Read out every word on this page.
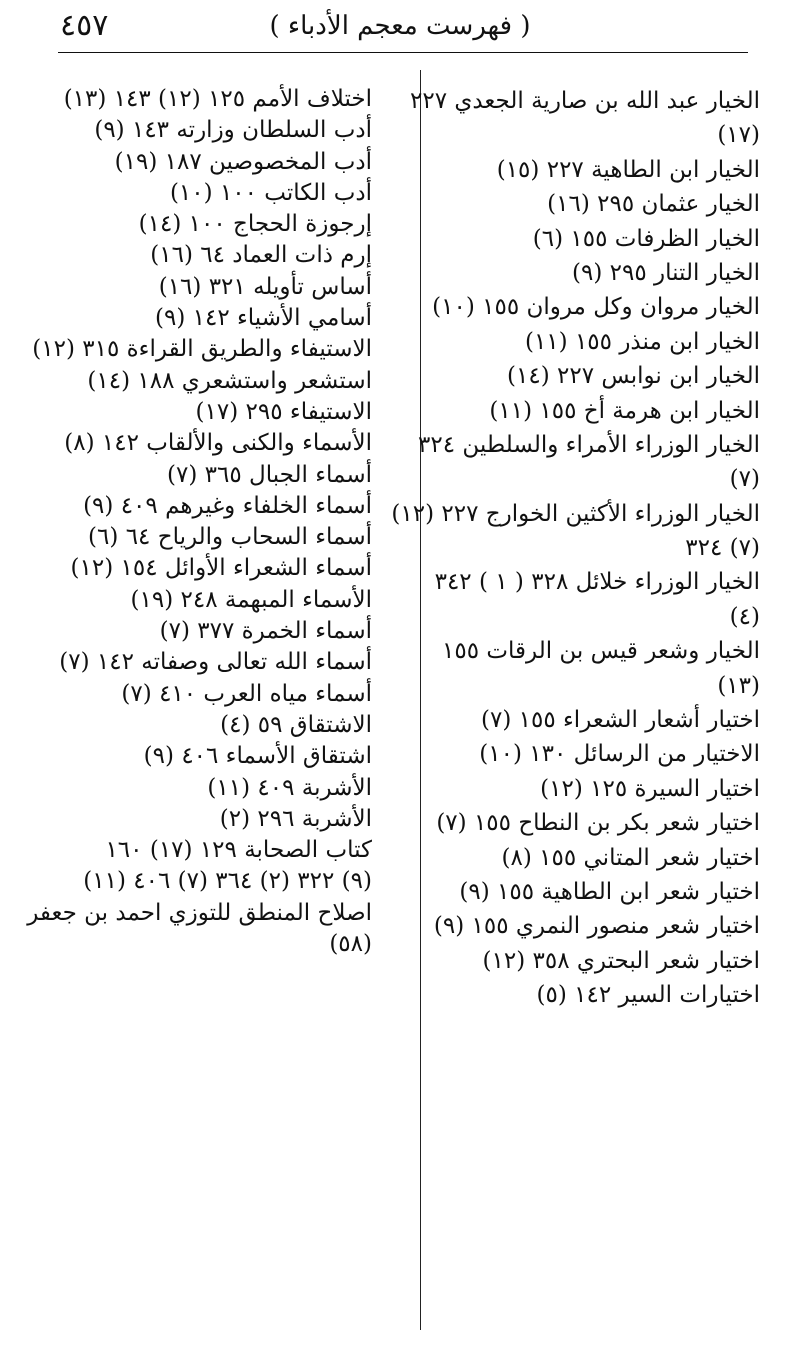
٤٥٧	( فهرست معجم الأدباء )
الخيار عبد الله بن صارية الجعدي ٢٢٧
(١٧)
الخيار ابن الطاهية ٢٢٧ (١٥)
الخيار عثمان ٢٩٥ (١٦)
الخيار الظرفات ١٥٥ (٦)
الخيار التنار ٢٩٥ (٩)
الخيار مروان وكل مروان ١٥٥ (١٠)
الخيار ابن منذر ١٥٥ (١١)
الخيار ابن نوابس ٢٢٧ (١٤)
الخيار ابن هرمة أخ ١٥٥ (١١)
الخيار الوزراء الأمراء والسلطين ٣٢٤
(٧)
الخيار الوزراء الأكثين الخوارج ٢٢٧ (١٢)
(٧) ٣٢٤
الخيار الوزراء خلائل ٣٢٨ ( ١ ) ٣٤٢
(٤)
الخيار وشعر قيس بن الرقات ١٥٥
(١٣)
اختيار أشعار الشعراء ١٥٥ (٧)
الاختيار من الرسائل ١٣٠ (١٠)
اختيار السيرة ١٢٥ (١٢)
اختيار شعر بكر بن النطاح ١٥٥ (٧)
اختيار شعر المتاني ١٥٥ (٨)
اختيار شعر ابن الطاهية ١٥٥ (٩)
اختيار شعر منصور النمري ١٥٥ (٩)
اختيار شعر البحتري ٣٥٨ (١٢)
اختيارات السير ١٤٢ (٥)
اختلاف الأمم ١٢٥ (١٢) ١٤٣ (١٣)
أدب السلطان وزارته ١٤٣ (٩)
أدب المخصوصين ١٨٧ (١٩)
أدب الكاتب ١٠٠ (١٠)
إرجوزة الحجاج ١٠٠ (١٤)
إرم ذات العماد ٦٤ (١٦)
أساس تأويله ٣٢١ (١٦)
أسامي الأشياء ١٤٢ (٩)
الاستيفاء والطريق القراءة ٣١٥ (١٢)
استشعر واستشعري ١٨٨ (١٤)
الاستيفاء ٢٩٥ (١٧)
الأسماء والكنى والألقاب ١٤٢ (٨)
أسماء الجبال ٣٦٥ (٧)
أسماء الخلفاء وغيرهم ٤٠٩ (٩)
أسماء السحاب والرياح ٦٤ (٦)
أسماء الشعراء الأوائل ١٥٤ (١٢)
الأسماء المبهمة ٢٤٨ (١٩)
أسماء الخمرة ٣٧٧ (٧)
أسماء الله تعالى وصفاته ١٤٢ (٧)
أسماء مياه العرب ٤١٠ (٧)
الاشتقاق ٥٩ (٤)
اشتقاق الأسماء ٤٠٦ (٩)
الأشربة ٤٠٩ (١١)
الأشربة ٢٩٦ (٢)
كتاب الصحابة ١٢٩ (١٧) ١٦٠
(٩) ٣٢٢ (٢) ٣٦٤ (٧) ٤٠٦ (١١)
اصلاح المنطق للتوزي احمد بن جعفر
(٥٨)
